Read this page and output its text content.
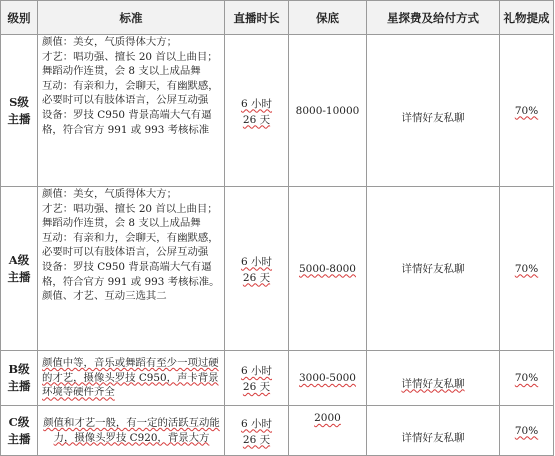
级别	标准	直播时长	保底	星探费及给付方式	礼物提成

S级
主播	颜值：美女，气质得体大方；
才艺：唱功强、擅长 20 首以上曲目；舞蹈动作连贯，会 8 支以上成品舞
互动：有亲和力，会聊天，有幽默感，必要时可以有肢体语言，公屏互动强
设备：罗技 C950 背景高端大气有逼格，符合官方 991 或 993 考核标准	6 小时
26 天	8000-10000	详情好友私聊	70%

A级
主播	颜值：美女，气质得体大方；
才艺：唱功强、擅长 20 首以上曲目；舞蹈动作连贯，会 8 支以上成品舞
互动：有亲和力，会聊天，有幽默感，必要时可以有肢体语言，公屏互动强
设备：罗技 C950 背景高端大气有逼格，符合官方 991 或 993 考核标准。
颜值、才艺、互动三选其二	6 小时
26 天	5000-8000	详情好友私聊	70%

B级
主播	颜值中等，音乐或舞蹈有至少一项过硬的才艺，摄像头罗技 C950，声卡背景环境等硬件齐全	6 小时
26 天	3000-5000	详情好友私聊	70%

C级
主播	颜值和才艺一般，有一定的活跃互动能力，摄像头罗技 C920，背景大方	6 小时
26 天	2000	详情好友私聊	70%
